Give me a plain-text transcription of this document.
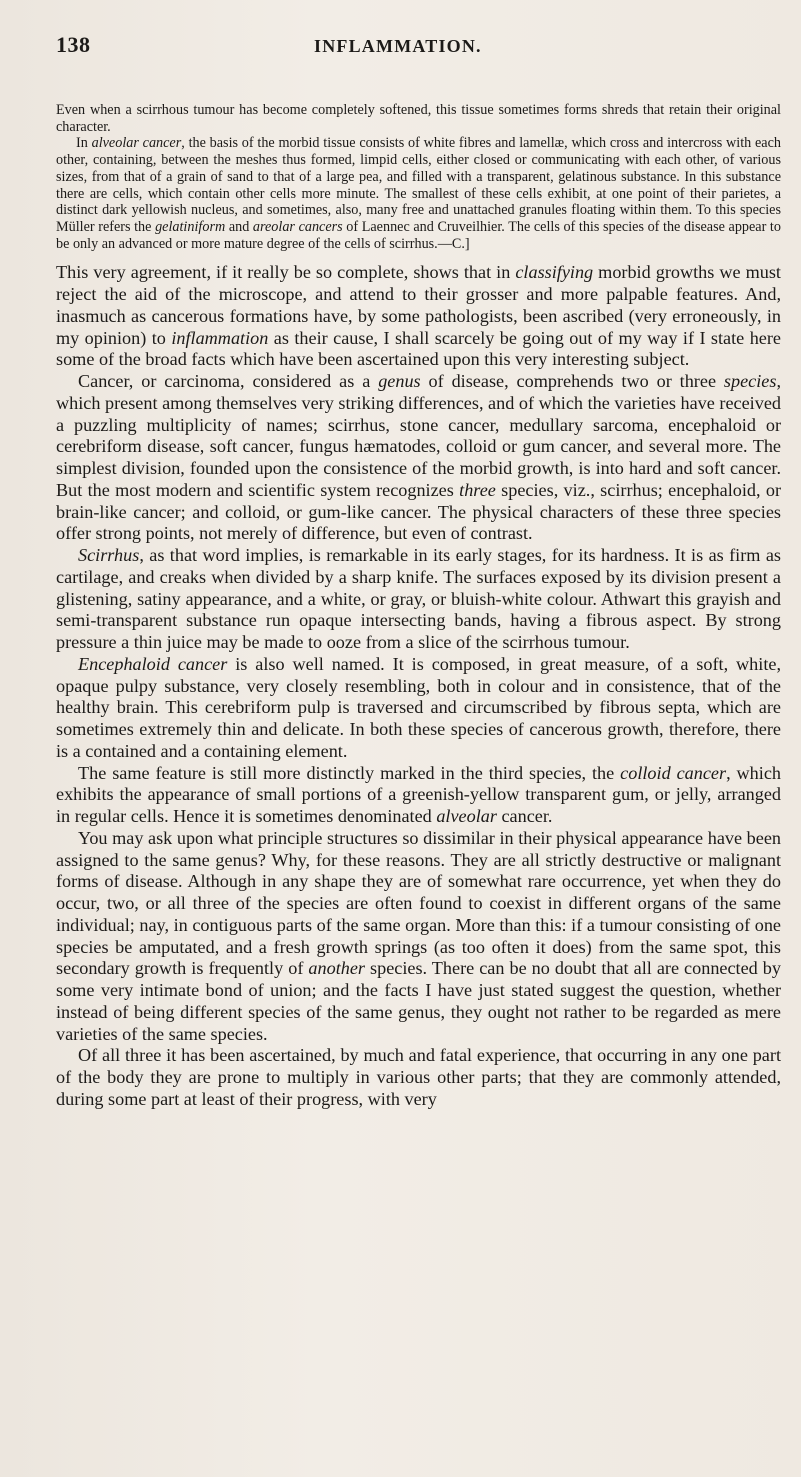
138	INFLAMMATION.

Even when a scirrhous tumour has become completely softened, this tissue sometimes forms shreds that retain their original character.

In alveolar cancer, the basis of the morbid tissue consists of white fibres and lamellæ, which cross and intercross with each other, containing, between the meshes thus formed, limpid cells, either closed or communicating with each other, of various sizes, from that of a grain of sand to that of a large pea, and filled with a transparent, gelatinous substance. In this substance there are cells, which contain other cells more minute. The smallest of these cells exhibit, at one point of their parietes, a distinct dark yellowish nucleus, and sometimes, also, many free and unattached granules floating within them. To this species Müller refers the gelatiniform and areolar cancers of Laennec and Cruveilhier. The cells of this species of the disease appear to be only an advanced or more mature degree of the cells of scirrhus.—C.]

This very agreement, if it really be so complete, shows that in classifying morbid growths we must reject the aid of the microscope, and attend to their grosser and more palpable features. And, inasmuch as cancerous formations have, by some pathologists, been ascribed (very erroneously, in my opinion) to inflammation as their cause, I shall scarcely be going out of my way if I state here some of the broad facts which have been ascertained upon this very interesting subject.

Cancer, or carcinoma, considered as a genus of disease, comprehends two or three species, which present among themselves very striking differences, and of which the varieties have received a puzzling multiplicity of names; scirrhus, stone cancer, medullary sarcoma, encephaloid or cerebriform disease, soft cancer, fungus hæmatodes, colloid or gum cancer, and several more. The simplest division, founded upon the consistence of the morbid growth, is into hard and soft cancer. But the most modern and scientific system recognizes three species, viz., scirrhus; encephaloid, or brain-like cancer; and colloid, or gum-like cancer. The physical characters of these three species offer strong points, not merely of difference, but even of contrast.

Scirrhus, as that word implies, is remarkable in its early stages, for its hardness. It is as firm as cartilage, and creaks when divided by a sharp knife. The surfaces exposed by its division present a glistening, satiny appearance, and a white, or gray, or bluish-white colour. Athwart this grayish and semi-transparent substance run opaque intersecting bands, having a fibrous aspect. By strong pressure a thin juice may be made to ooze from a slice of the scirrhous tumour.

Encephaloid cancer is also well named. It is composed, in great measure, of a soft, white, opaque pulpy substance, very closely resembling, both in colour and in consistence, that of the healthy brain. This cerebriform pulp is traversed and circumscribed by fibrous septa, which are sometimes extremely thin and delicate. In both these species of cancerous growth, therefore, there is a contained and a containing element.

The same feature is still more distinctly marked in the third species, the colloid cancer, which exhibits the appearance of small portions of a greenish-yellow transparent gum, or jelly, arranged in regular cells. Hence it is sometimes denominated alveolar cancer.

You may ask upon what principle structures so dissimilar in their physical appearance have been assigned to the same genus? Why, for these reasons. They are all strictly destructive or malignant forms of disease. Although in any shape they are of somewhat rare occurrence, yet when they do occur, two, or all three of the species are often found to coexist in different organs of the same individual; nay, in contiguous parts of the same organ. More than this: if a tumour consisting of one species be amputated, and a fresh growth springs (as too often it does) from the same spot, this secondary growth is frequently of another species. There can be no doubt that all are connected by some very intimate bond of union; and the facts I have just stated suggest the question, whether instead of being different species of the same genus, they ought not rather to be regarded as mere varieties of the same species.

Of all three it has been ascertained, by much and fatal experience, that occurring in any one part of the body they are prone to multiply in various other parts; that they are commonly attended, during some part at least of their progress, with very
